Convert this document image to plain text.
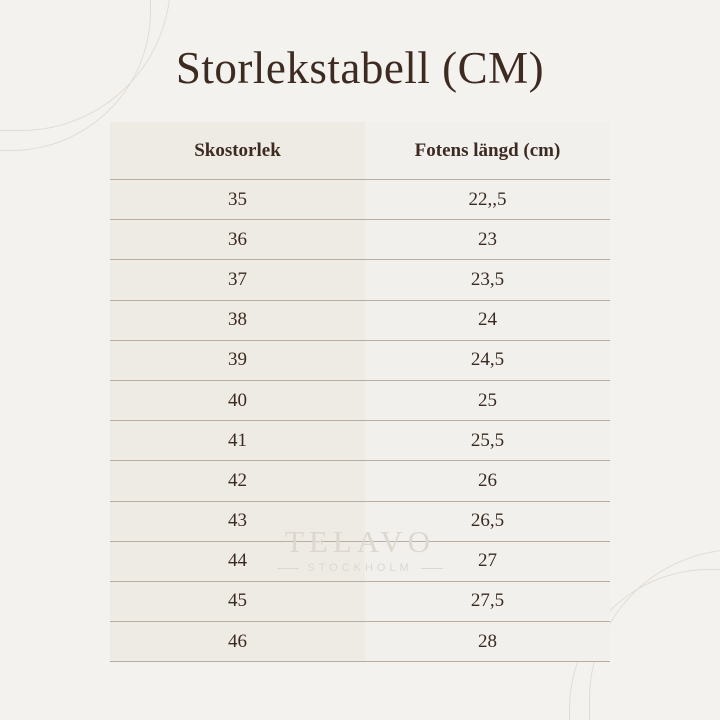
Storlekstabell (CM)
Skostorlek	Fotens längd (cm)
35	22,,5
36	23
37	23,5
38	24
39	24,5
40	25
41	25,5
42	26
43	26,5
44	27
45	27,5
46	28
TELAVO
STOCKHOLM
